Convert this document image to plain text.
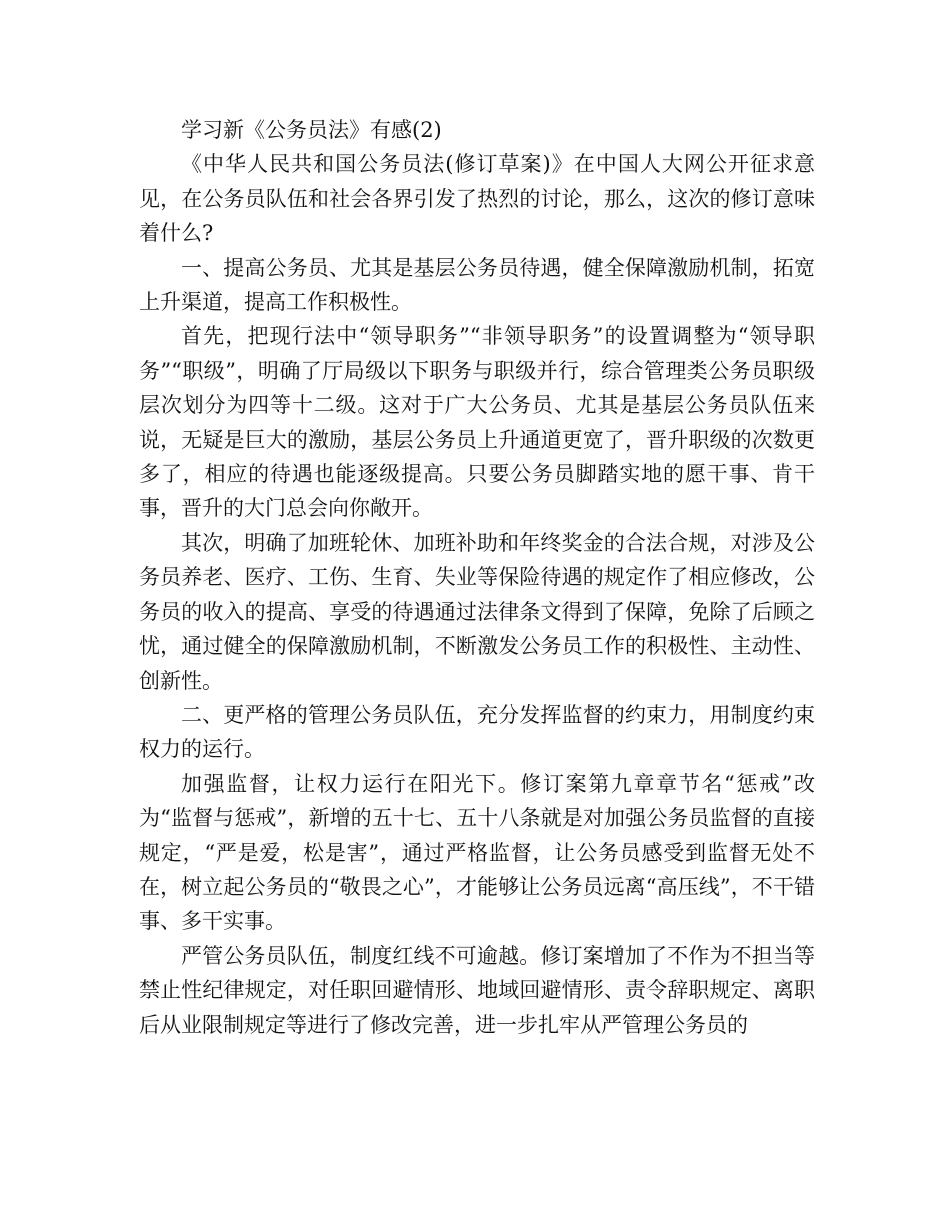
学习新《公务员法》有感(2)

《中华人民共和国公务员法(修订草案)》在中国人大网公开征求意见，在公务员队伍和社会各界引发了热烈的讨论，那么，这次的修订意味着什么?

一、提高公务员、尤其是基层公务员待遇，健全保障激励机制，拓宽上升渠道，提高工作积极性。

首先，把现行法中“领导职务”“非领导职务”的设置调整为“领导职务”“职级”，明确了厅局级以下职务与职级并行，综合管理类公务员职级层次划分为四等十二级。这对于广大公务员、尤其是基层公务员队伍来说，无疑是巨大的激励，基层公务员上升通道更宽了，晋升职级的次数更多了，相应的待遇也能逐级提高。只要公务员脚踏实地的愿干事、肯干事，晋升的大门总会向你敞开。

其次，明确了加班轮休、加班补助和年终奖金的合法合规，对涉及公务员养老、医疗、工伤、生育、失业等保险待遇的规定作了相应修改，公务员的收入的提高、享受的待遇通过法律条文得到了保障，免除了后顾之忧，通过健全的保障激励机制，不断激发公务员工作的积极性、主动性、创新性。

二、更严格的管理公务员队伍，充分发挥监督的约束力，用制度约束权力的运行。

加强监督，让权力运行在阳光下。修订案第九章章节名“惩戒”改为“监督与惩戒”，新增的五十七、五十八条就是对加强公务员监督的直接规定，“严是爱，松是害”，通过严格监督，让公务员感受到监督无处不在，树立起公务员的“敬畏之心”，才能够让公务员远离“高压线”，不干错事、多干实事。

严管公务员队伍，制度红线不可逾越。修订案增加了不作为不担当等禁止性纪律规定，对任职回避情形、地域回避情形、责令辞职规定、离职后从业限制规定等进行了修改完善，进一步扎牢从严管理公务员的
